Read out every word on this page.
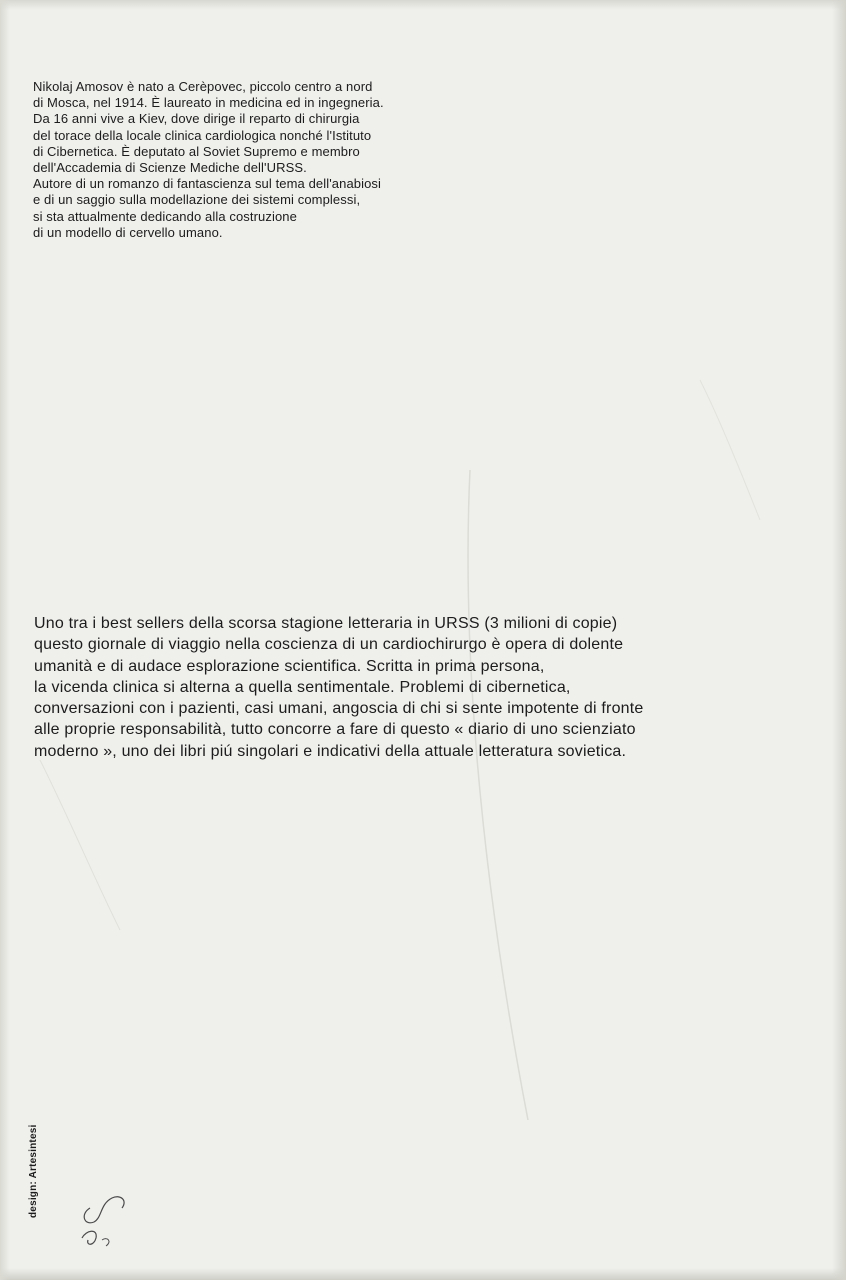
Nikolaj Amosov è nato a Cerèpovec, piccolo centro a nord
di Mosca, nel 1914. È laureato in medicina ed in ingegneria.
Da 16 anni vive a Kiev, dove dirige il reparto di chirurgia
del torace della locale clinica cardiologica nonché l'Istituto
di Cibernetica. È deputato al Soviet Supremo e membro
dell'Accademia di Scienze Mediche dell'URSS.
Autore di un romanzo di fantascienza sul tema dell'anabiosi
e di un saggio sulla modellazione dei sistemi complessi,
si sta attualmente dedicando alla costruzione
di un modello di cervello umano.
Uno tra i best sellers della scorsa stagione letteraria in URSS (3 milioni di copie)
questo giornale di viaggio nella coscienza di un cardiochirurgo è opera di dolente
umanità e di audace esplorazione scientifica. Scritta in prima persona,
la vicenda clinica si alterna a quella sentimentale. Problemi di cibernetica,
conversazioni con i pazienti, casi umani, angoscia di chi si sente impotente di fronte
alle proprie responsabilità, tutto concorre a fare di questo « diario di uno scienziato
moderno », uno dei libri piú singolari e indicativi della attuale letteratura sovietica.
design: Artesintesi
